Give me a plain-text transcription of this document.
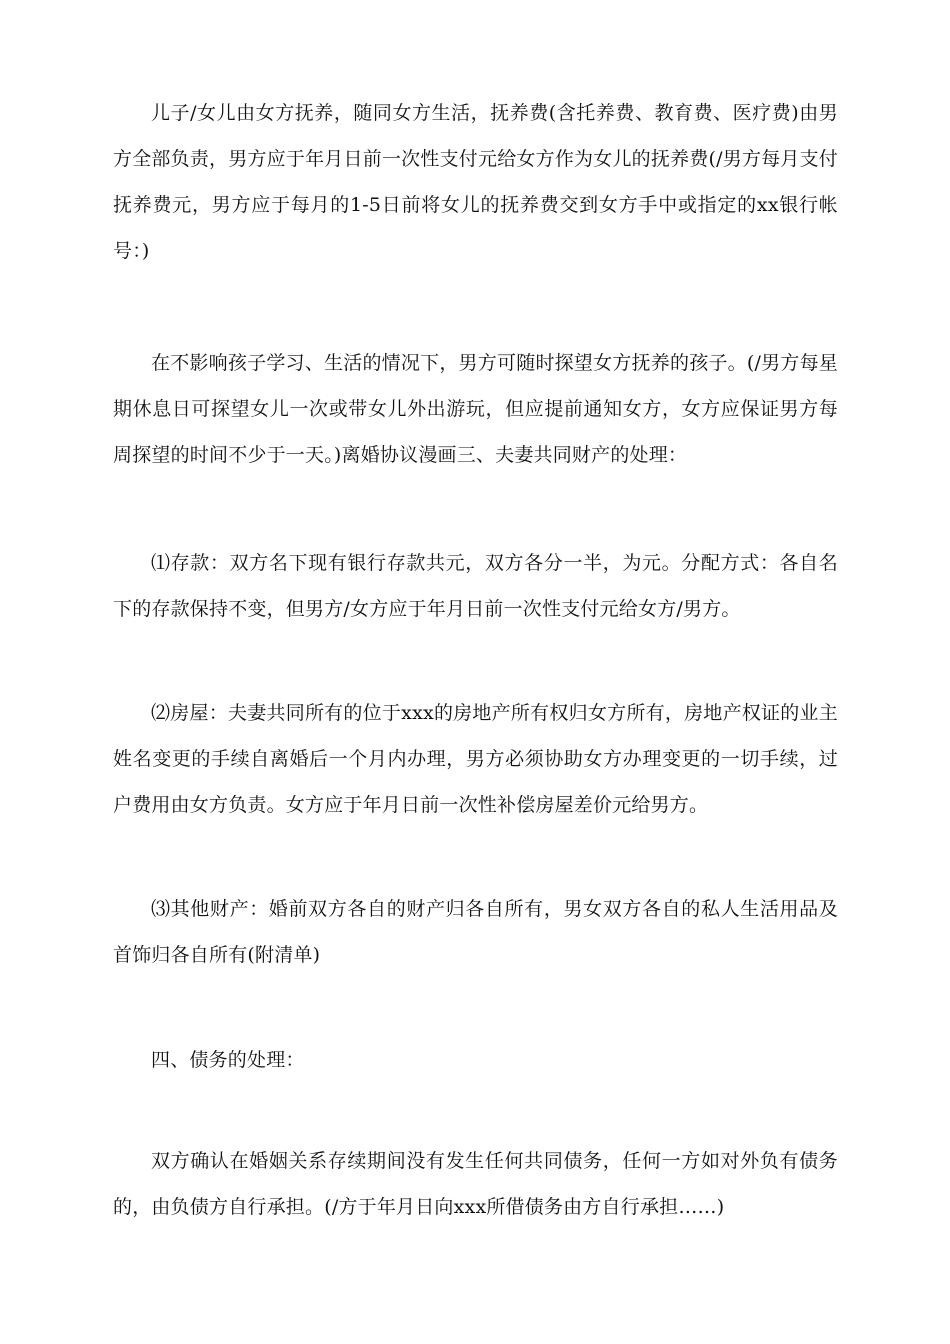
儿子/女儿由女方抚养，随同女方生活，抚养费(含托养费、教育费、医疗费)由男方全部负责，男方应于年月日前一次性支付元给女方作为女儿的抚养费(/男方每月支付抚养费元，男方应于每月的1-5日前将女儿的抚养费交到女方手中或指定的xx银行帐号：)

在不影响孩子学习、生活的情况下，男方可随时探望女方抚养的孩子。(/男方每星期休息日可探望女儿一次或带女儿外出游玩，但应提前通知女方，女方应保证男方每周探望的时间不少于一天。)离婚协议漫画三、夫妻共同财产的处理：

⑴存款：双方名下现有银行存款共元，双方各分一半，为元。分配方式：各自名下的存款保持不变，但男方/女方应于年月日前一次性支付元给女方/男方。

⑵房屋：夫妻共同所有的位于xxx的房地产所有权归女方所有，房地产权证的业主姓名变更的手续自离婚后一个月内办理，男方必须协助女方办理变更的一切手续，过户费用由女方负责。女方应于年月日前一次性补偿房屋差价元给男方。

⑶其他财产：婚前双方各自的财产归各自所有，男女双方各自的私人生活用品及首饰归各自所有(附清单)

四、债务的处理：

双方确认在婚姻关系存续期间没有发生任何共同债务，任何一方如对外负有债务的，由负债方自行承担。(/方于年月日向xxx所借债务由方自行承担……)
